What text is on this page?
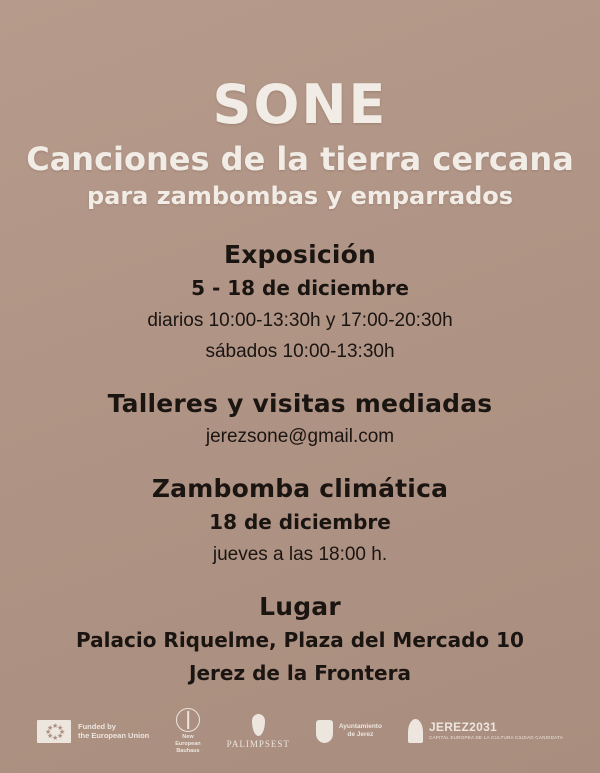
SONE
Canciones de la tierra cercana
para zambombas y emparrados
Exposición
5 - 18 de diciembre
diarios 10:00-13:30h y 17:00-20:30h
sábados 10:00-13:30h
Talleres y visitas mediadas
jerezsone@gmail.com
Zambomba climática
18 de diciembre
jueves a las 18:00 h.
Lugar
Palacio Riquelme, Plaza del Mercado 10
Jerez de la Frontera
★
★
★
★
★
★
★
★	Funded by
the European Union	New
European
Bauhaus
PALIMPSEST
Ayuntamiento
de Jerez
JEREZ2031
CAPITAL EUROPEA DE LA CULTURA CIUDAD CANDIDATA
